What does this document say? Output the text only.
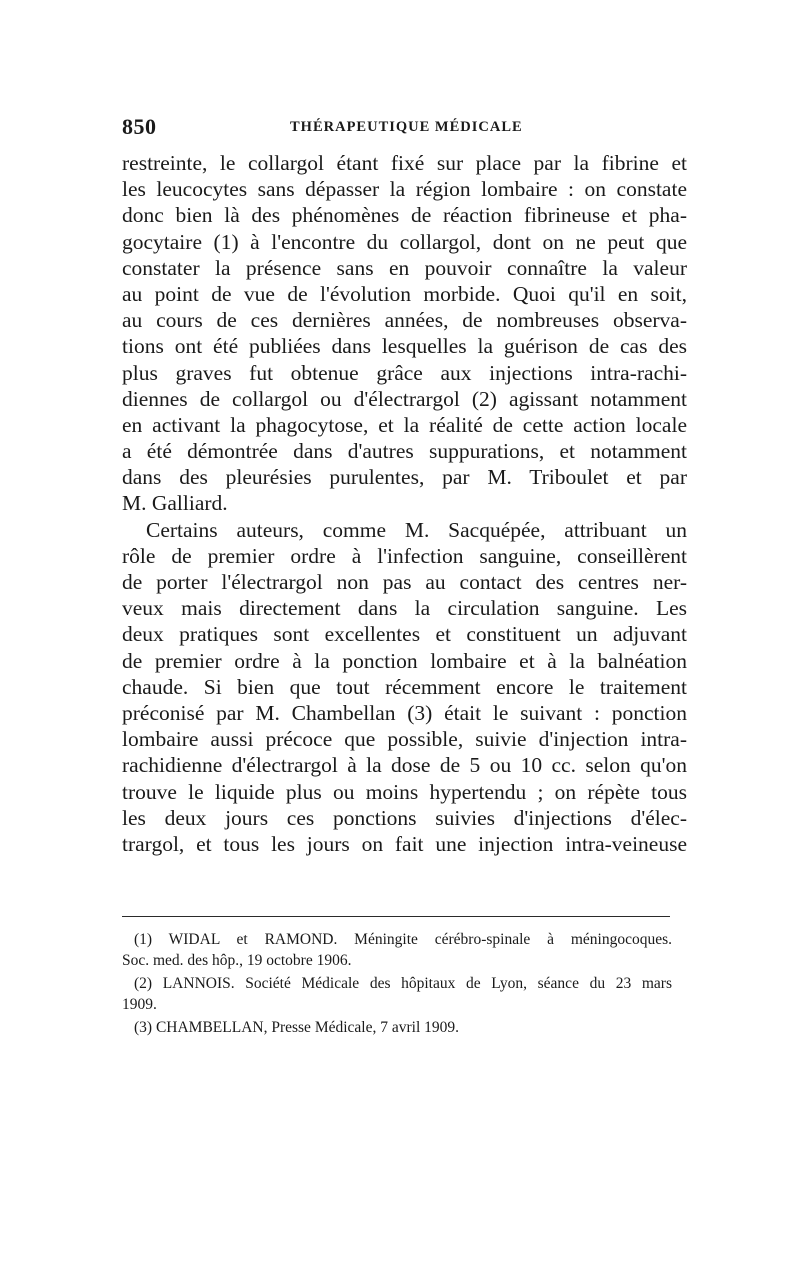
850	THÉRAPEUTIQUE MÉDICALE
restreinte, le collargol étant fixé sur place par la fibrine et
les leucocytes sans dépasser la région lombaire : on constate
donc bien là des phénomènes de réaction fibrineuse et pha-
gocytaire (1) à l'encontre du collargol, dont on ne peut que
constater la présence sans en pouvoir connaître la valeur
au point de vue de l'évolution morbide. Quoi qu'il en soit,
au cours de ces dernières années, de nombreuses observa-
tions ont été publiées dans lesquelles la guérison de cas des
plus graves fut obtenue grâce aux injections intra-rachi-
diennes de collargol ou d'électrargol (2) agissant notamment
en activant la phagocytose, et la réalité de cette action locale
a été démontrée dans d'autres suppurations, et notamment
dans des pleurésies purulentes, par M. Triboulet et par
M. Galliard.
Certains auteurs, comme M. Sacquépée, attribuant un
rôle de premier ordre à l'infection sanguine, conseillèrent
de porter l'électrargol non pas au contact des centres ner-
veux mais directement dans la circulation sanguine. Les
deux pratiques sont excellentes et constituent un adjuvant
de premier ordre à la ponction lombaire et à la balnéation
chaude. Si bien que tout récemment encore le traitement
préconisé par M. Chambellan (3) était le suivant : ponction
lombaire aussi précoce que possible, suivie d'injection intra-
rachidienne d'électrargol à la dose de 5 ou 10 cc. selon qu'on
trouve le liquide plus ou moins hypertendu ; on répète tous
les deux jours ces ponctions suivies d'injections d'élec-
trargol, et tous les jours on fait une injection intra-veineuse
(1) WIDAL et RAMOND. Méningite cérébro-spinale à méningocoques.
Soc. med. des hôp., 19 octobre 1906.
(2) LANNOIS. Société Médicale des hôpitaux de Lyon, séance du 23 mars
1909.
(3) CHAMBELLAN, Presse Médicale, 7 avril 1909.
